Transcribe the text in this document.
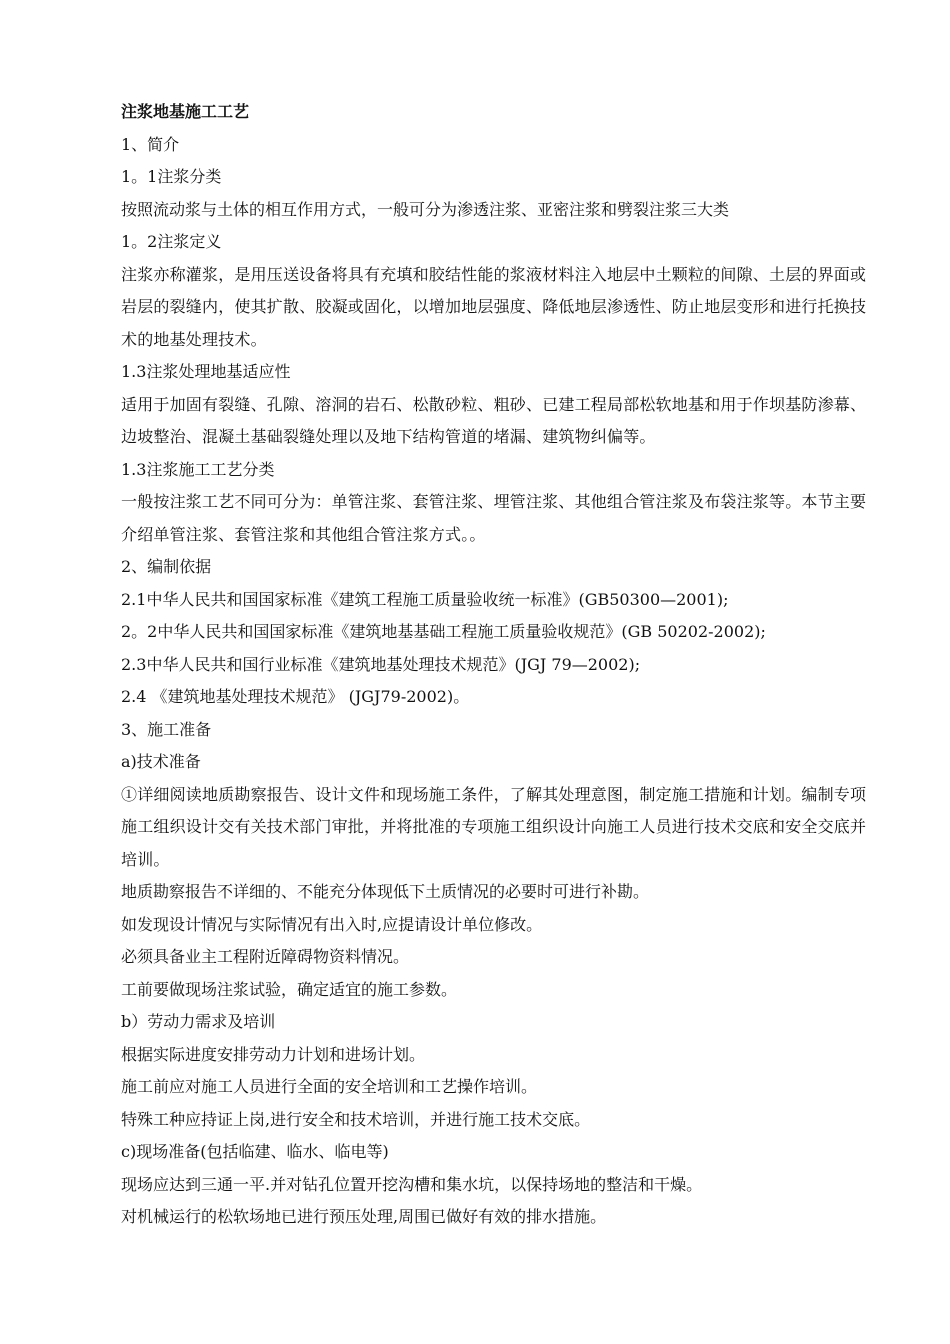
注浆地基施工工艺
1、简介
1。1注浆分类
按照流动浆与土体的相互作用方式，一般可分为渗透注浆、亚密注浆和劈裂注浆三大类
1。2注浆定义

注浆亦称灌浆，是用压送设备将具有充填和胶结性能的浆液材料注入地层中土颗粒的间隙、土层的界面或岩层的裂缝内，使其扩散、胶凝或固化，以增加地层强度、降低地层渗透性、防止地层变形和进行托换技术的地基处理技术。

1.3注浆处理地基适应性

适用于加固有裂缝、孔隙、溶洞的岩石、松散砂粒、粗砂、已建工程局部松软地基和用于作坝基防渗幕、边坡整治、混凝土基础裂缝处理以及地下结构管道的堵漏、建筑物纠偏等。

1.3注浆施工工艺分类

一般按注浆工艺不同可分为：单管注浆、套管注浆、埋管注浆、其他组合管注浆及布袋注浆等。本节主要介绍单管注浆、套管注浆和其他组合管注浆方式。。

2、编制依据
2.1中华人民共和国国家标准《建筑工程施工质量验收统一标准》(GB50300—2001);
2。2中华人民共和国国家标准《建筑地基基础工程施工质量验收规范》(GB 50202-2002);
2.3中华人民共和国行业标准《建筑地基处理技术规范》(JGJ 79—2002);
2.4 《建筑地基处理技术规范》 (JGJ79-2002)。
3、施工准备
a)技术准备

①详细阅读地质勘察报告、设计文件和现场施工条件，了解其处理意图，制定施工措施和计划。编制专项施工组织设计交有关技术部门审批，并将批准的专项施工组织设计向施工人员进行技术交底和安全交底并培训。

地质勘察报告不详细的、不能充分体现低下土质情况的必要时可进行补勘。
如发现设计情况与实际情况有出入时,应提请设计单位修改。
必须具备业主工程附近障碍物资料情况。
工前要做现场注浆试验，确定适宜的施工参数。
b）劳动力需求及培训
根据实际进度安排劳动力计划和进场计划。
施工前应对施工人员进行全面的安全培训和工艺操作培训。
特殊工种应持证上岗,进行安全和技术培训，并进行施工技术交底。
c)现场准备(包括临建、临水、临电等)
现场应达到三通一平.并对钻孔位置开挖沟槽和集水坑，以保持场地的整洁和干燥。
对机械运行的松软场地已进行预压处理,周围已做好有效的排水措施。
